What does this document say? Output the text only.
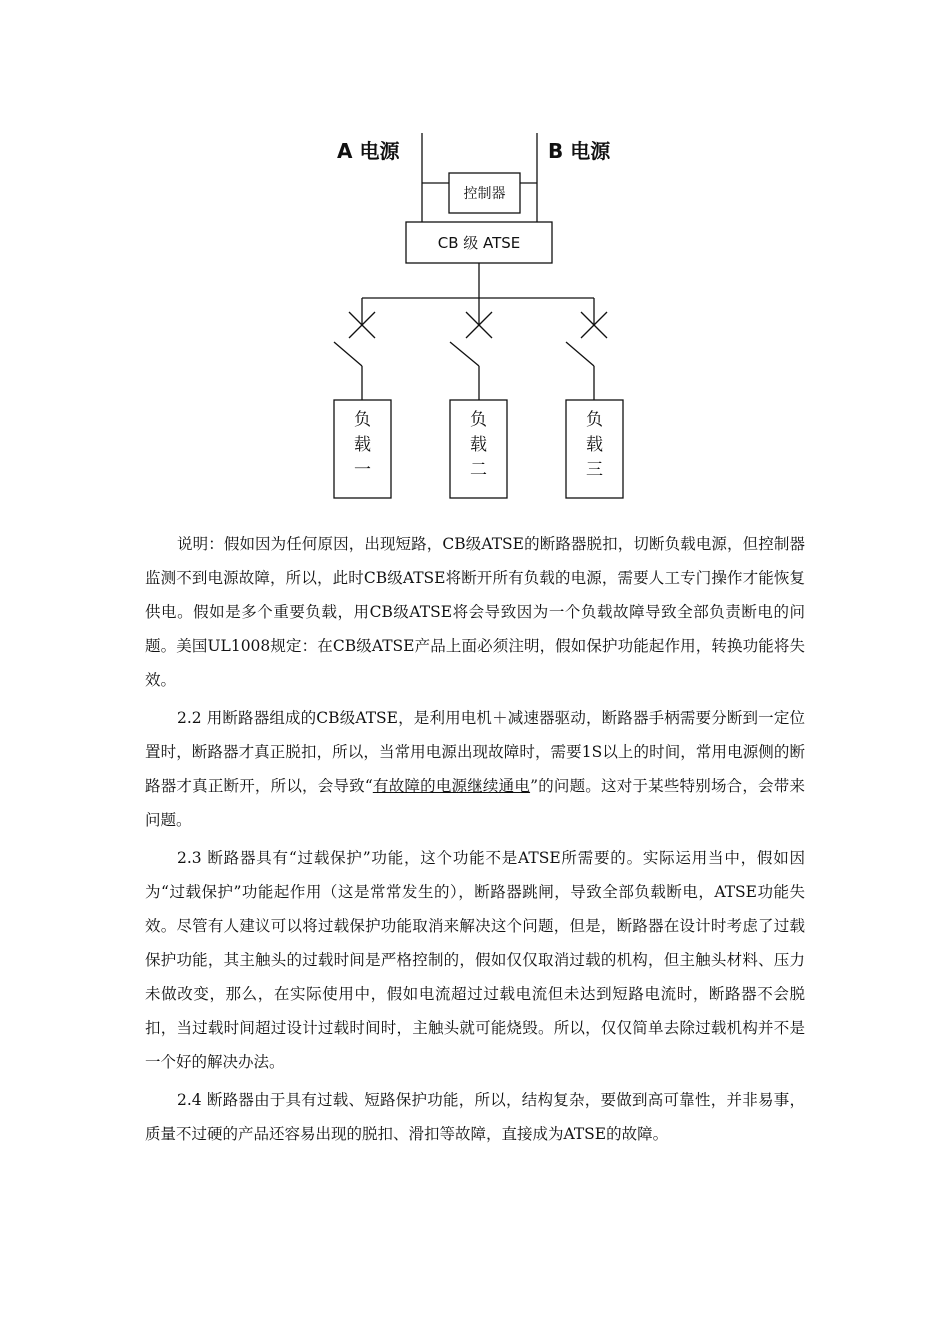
A 电源	B 电源
控制器
CB 级 ATSE
负
载
一
负
载
二
负
载
三

说明：假如因为任何原因，出现短路，CB级ATSE的断路器脱扣，切断负载电源，但控制器监测不到电源故障，所以，此时CB级ATSE将断开所有负载的电源，需要人工专门操作才能恢复供电。假如是多个重要负载，用CB级ATSE将会导致因为一个负载故障导致全部负责断电的问题。美国UL1008规定：在CB级ATSE产品上面必须注明，假如保护功能起作用，转换功能将失效。

2.2 用断路器组成的CB级ATSE，是利用电机＋减速器驱动，断路器手柄需要分断到一定位置时，断路器才真正脱扣，所以，当常用电源出现故障时，需要1S以上的时间，常用电源侧的断路器才真正断开，所以，会导致“有故障的电源继续通电”的问题。这对于某些特别场合，会带来问题。

2.3 断路器具有“过载保护”功能，这个功能不是ATSE所需要的。实际运用当中，假如因为“过载保护”功能起作用（这是常常发生的），断路器跳闸，导致全部负载断电，ATSE功能失效。尽管有人建议可以将过载保护功能取消来解决这个问题，但是，断路器在设计时考虑了过载保护功能，其主触头的过载时间是严格控制的，假如仅仅取消过载的机构，但主触头材料、压力未做改变，那么，在实际使用中，假如电流超过过载电流但未达到短路电流时，断路器不会脱扣，当过载时间超过设计过载时间时，主触头就可能烧毁。所以，仅仅简单去除过载机构并不是一个好的解决办法。

2.4 断路器由于具有过载、短路保护功能，所以，结构复杂，要做到高可靠性，并非易事，质量不过硬的产品还容易出现的脱扣、滑扣等故障，直接成为ATSE的故障。
